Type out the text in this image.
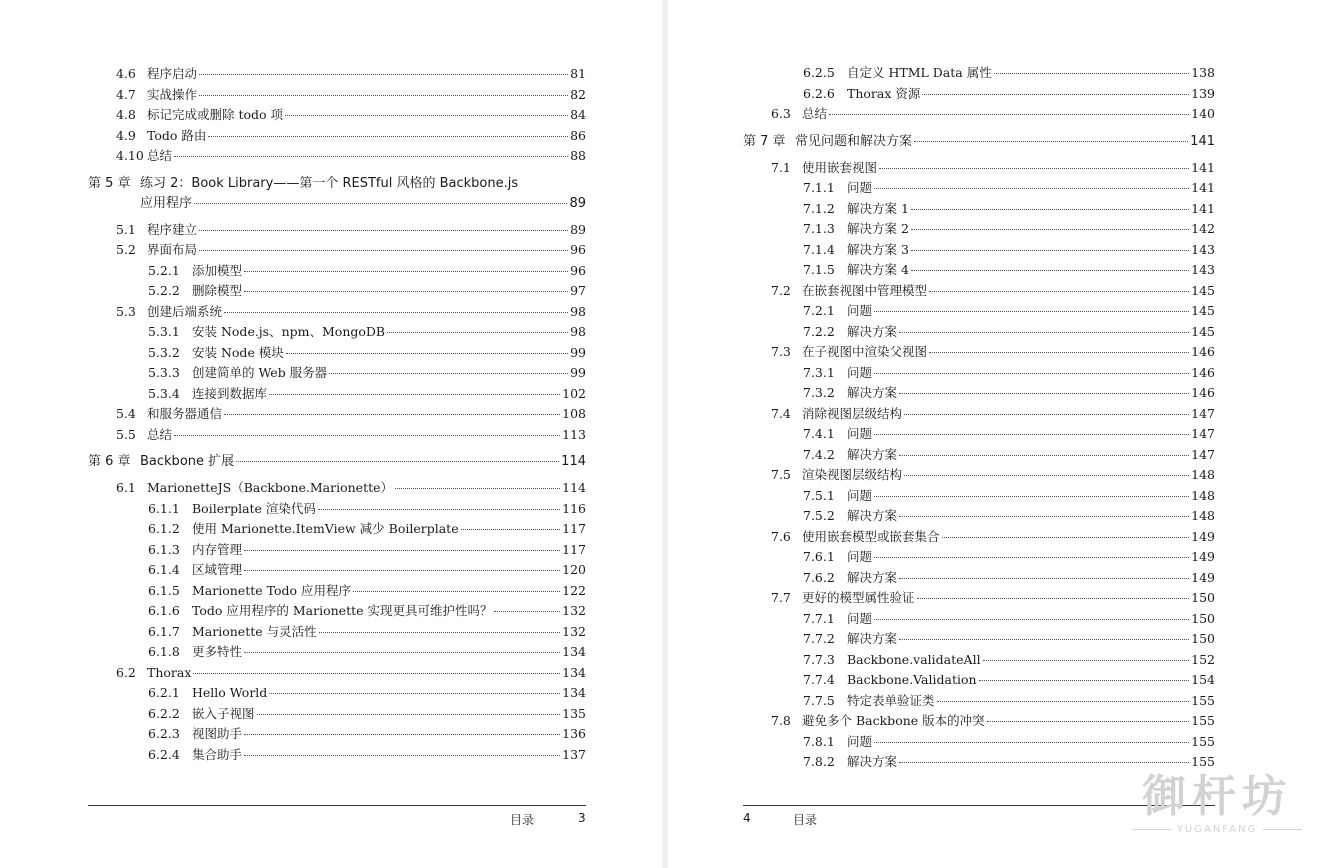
4.6 程序启动	81
4.7 实战操作	82
4.8 标记完成或删除 todo 项	84
4.9 Todo 路由	86
4.10 总结	88
第 5 章 练习 2：Book Library——第一个 RESTful 风格的 Backbone.js
应用程序	89
5.1 程序建立	89
5.2 界面布局	96
5.2.1 添加模型	96
5.2.2 删除模型	97
5.3 创建后端系统	98
5.3.1 安装 Node.js、npm、MongoDB	98
5.3.2 安装 Node 模块	99
5.3.3 创建简单的 Web 服务器	99
5.3.4 连接到数据库	102
5.4 和服务器通信	108
5.5 总结	113
第 6 章 Backbone 扩展	114
6.1 MarionetteJS（Backbone.Marionette）	114
6.1.1 Boilerplate 渲染代码	116
6.1.2 使用 Marionette.ItemView 减少 Boilerplate	117
6.1.3 内存管理	117
6.1.4 区域管理	120
6.1.5 Marionette Todo 应用程序	122
6.1.6 Todo 应用程序的 Marionette 实现更具可维护性吗？	132
6.1.7 Marionette 与灵活性	132
6.1.8 更多特性	134
6.2 Thorax	134
6.2.1 Hello World	134
6.2.2 嵌入子视图	135
6.2.3 视图助手	136
6.2.4 集合助手	137
目录	3
6.2.5 自定义 HTML Data 属性	138
6.2.6 Thorax 资源	139
6.3 总结	140
第 7 章 常见问题和解决方案	141
7.1 使用嵌套视图	141
7.1.1 问题	141
7.1.2 解决方案 1	141
7.1.3 解决方案 2	142
7.1.4 解决方案 3	143
7.1.5 解决方案 4	143
7.2 在嵌套视图中管理模型	145
7.2.1 问题	145
7.2.2 解决方案	145
7.3 在子视图中渲染父视图	146
7.3.1 问题	146
7.3.2 解决方案	146
7.4 消除视图层级结构	147
7.4.1 问题	147
7.4.2 解决方案	147
7.5 渲染视图层级结构	148
7.5.1 问题	148
7.5.2 解决方案	148
7.6 使用嵌套模型或嵌套集合	149
7.6.1 问题	149
7.6.2 解决方案	149
7.7 更好的模型属性验证	150
7.7.1 问题	150
7.7.2 解决方案	150
7.7.3 Backbone.validateAll	152
7.7.4 Backbone.Validation	154
7.7.5 特定表单验证类	155
7.8 避免多个 Backbone 版本的冲突	155
7.8.1 问题	155
7.8.2 解决方案	155
4	目录	御杆坊
YUGANFANG
